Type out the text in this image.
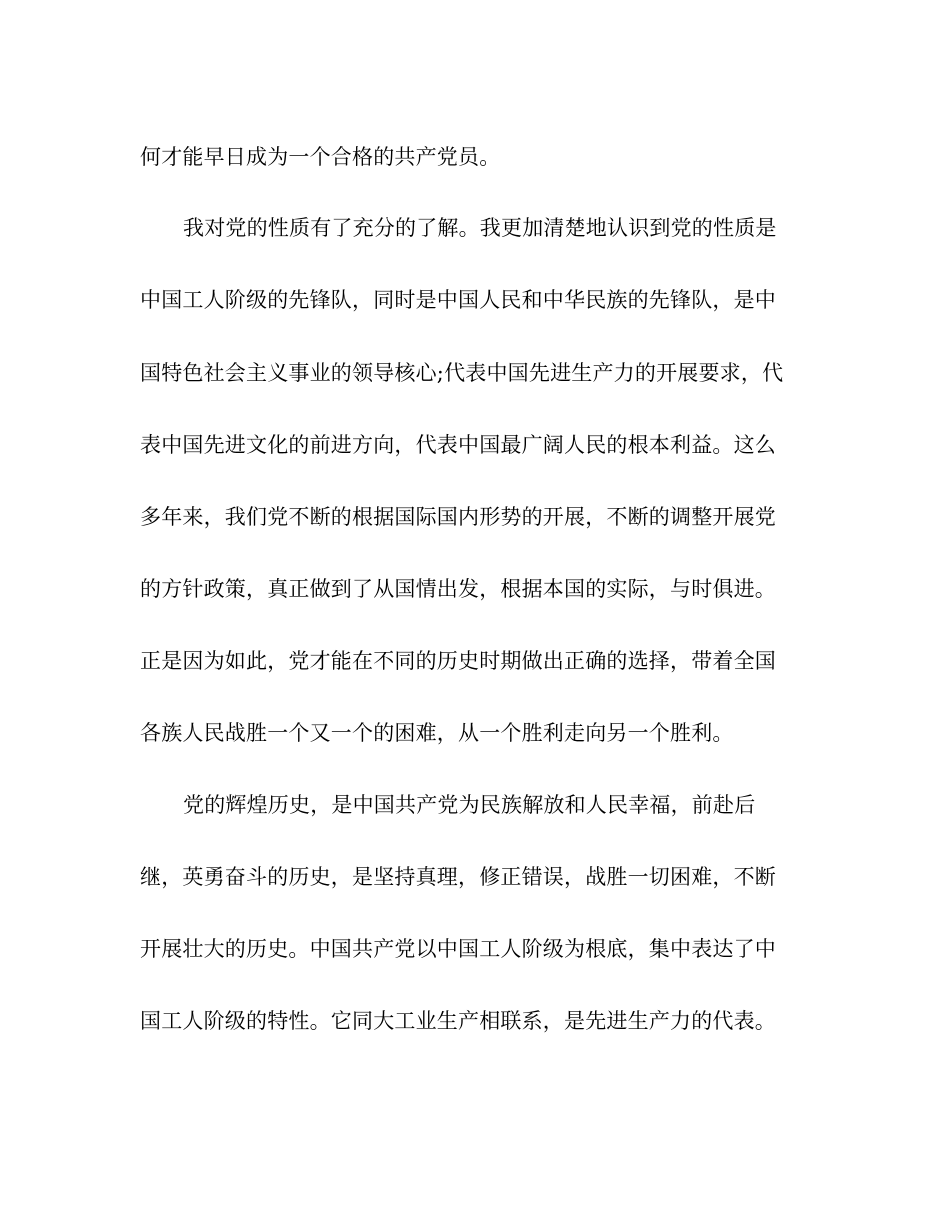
何才能早日成为一个合格的共产党员。
我对党的性质有了充分的了解。我更加清楚地认识到党的性质是
中国工人阶级的先锋队，同时是中国人民和中华民族的先锋队，是中
国特色社会主义事业的领导核心;代表中国先进生产力的开展要求，代
表中国先进文化的前进方向，代表中国最广阔人民的根本利益。这么
多年来，我们党不断的根据国际国内形势的开展，不断的调整开展党
的方针政策，真正做到了从国情出发，根据本国的实际，与时俱进。
正是因为如此，党才能在不同的历史时期做出正确的选择，带着全国
各族人民战胜一个又一个的困难，从一个胜利走向另一个胜利。
党的辉煌历史，是中国共产党为民族解放和人民幸福，前赴后
继，英勇奋斗的历史，是坚持真理，修正错误，战胜一切困难，不断
开展壮大的历史。中国共产党以中国工人阶级为根底，集中表达了中
国工人阶级的特性。它同大工业生产相联系，是先进生产力的代表。
